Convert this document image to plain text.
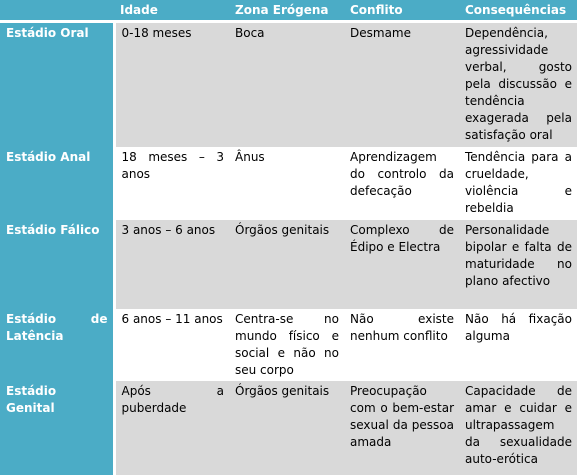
	Idade	Zona Erógena	Conflito	Consequências
Estádio Oral	0-18 meses	Boca	Desmame	Dependência, agressividade verbal, gosto pela discussão e tendência exagerada pela satisfação oral
Estádio Anal	18 meses – 3 anos	Ânus	Aprendizagem do controlo da defecação	Tendência para a crueldade, violência e rebeldia
Estádio Fálico	3 anos – 6 anos	Órgãos genitais	Complexo de Édipo e Electra	Personalidade bipolar e falta de maturidade no plano afectivo
Estádio de Latência	6 anos – 11 anos	Centra-se no mundo físico e social e não no seu corpo	Não existe nenhum conflito	Não há fixação alguma
Estádio Genital	Após a puberdade	Órgãos genitais	Preocupação com o bem-estar sexual da pessoa amada	Capacidade de amar e cuidar e ultrapassagem da sexualidade auto-erótica
